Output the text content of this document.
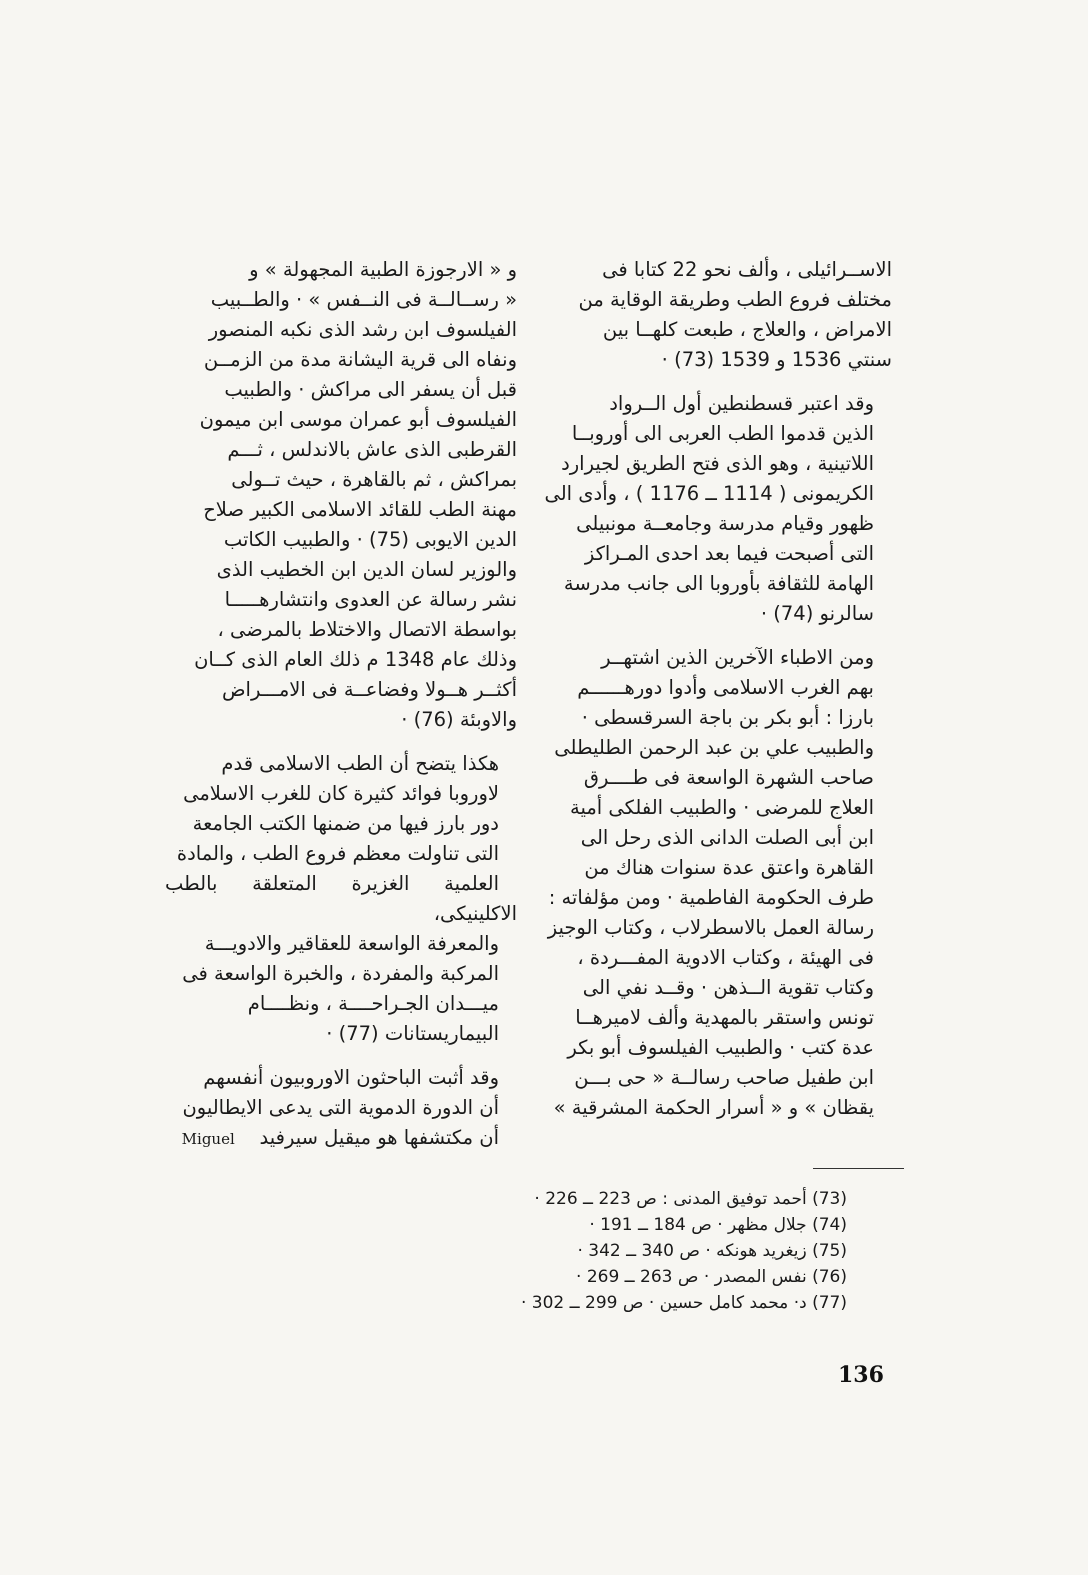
الاســرائيلى ، وألف نحو 22 كتابا فى
مختلف فروع الطب وطريقة الوقاية من
الامراض ، والعلاج ، طبعت كلهــا بين
سنتي 1536 و 1539 (73) ·

وقد اعتبر قسطنطين أول الــرواد
الذين قدموا الطب العربى الى أوروبــا
اللاتينية ، وهو الذى فتح الطريق لجيرارد
الكريمونى ( 1114 ــ 1176 ) ، وأدى الى
ظهور وقيام مدرسة وجامعــة مونبيلى
التى أصبحت فيما بعد احدى المـراكز
الهامة للثقافة بأوروبا الى جانب مدرسة
سالرنو (74) ·

ومن الاطباء الآخرين الذين اشتهــر
بهم الغرب الاسلامى وأدوا دورهــــــم
بارزا : أبو بكر بن باجة السرقسطى ·
والطبيب علي بن عبد الرحمن الطليطلى
صاحب الشهرة الواسعة فى طــــرق
العلاج للمرضى · والطبيب الفلكى أمية
ابن أبى الصلت الدانى الذى رحل الى
القاهرة واعتق عدة سنوات هناك من
طرف الحكومة الفاطمية · ومن مؤلفاته :
رسالة العمل بالاسطرلاب ، وكتاب الوجيز
فى الهيئة ، وكتاب الادوية المفـــردة ،
وكتاب تقوية الــذهن · وقــد نفي الى
تونس واستقر بالمهدية وألف لاميرهــا
عدة كتب · والطبيب الفيلسوف أبو بكر
ابن طفيل صاحب رسالــة « حى بـــن
يقظان » و « أسرار الحكمة المشرقية »

و « الارجوزة الطبية المجهولة » و
« رســالــة فى النــفس » · والطــبيب
الفيلسوف ابن رشد الذى نكبه المنصور
ونفاه الى قرية اليشانة مدة من الزمــن
قبل أن يسفر الى مراكش · والطبيب
الفيلسوف أبو عمران موسى ابن ميمون
القرطبى الذى عاش بالاندلس ، ثـــم
بمراكش ، ثم بالقاهرة ، حيث تــولى
مهنة الطب للقائد الاسلامى الكبير صلاح
الدين الايوبى (75) · والطبيب الكاتب
والوزير لسان الدين ابن الخطيب الذى
نشر رسالة عن العدوى وانتشارهـــــا
بواسطة الاتصال والاختلاط بالمرضى ،
وذلك عام 1348 م ذلك العام الذى كــان
أكثــر هــولا وفضاعــة فى الامـــراض
والاوبئة (76) ·

هكذا يتضح أن الطب الاسلامى قدم
لاوروبا فوائد كثيرة كان للغرب الاسلامى
دور بارز فيها من ضمنها الكتب الجامعة
التى تناولت معظم فروع الطب ، والمادة
العلمية الغزيرة المتعلقة بالطب الاكلينيكى،
والمعرفة الواسعة للعقاقير والادويـــة
المركبة والمفردة ، والخبرة الواسعة فى
ميـــدان الجـراحــــة ، ونظــــام
البيماريستانات (77) ·

وقد أثبت الباحثون الاوروبيون أنفسهم
أن الدورة الدموية التى يدعى الايطاليون
أن مكتشفها هو ميقيل سيرفيد    Miguel

(73) أحمد توفيق المدنى : ص 223 ــ 226 ·
(74) جلال مظهر · ص 184 ــ 191 ·
(75) زيغريد هونكه · ص 340 ــ 342 ·
(76) نفس المصدر · ص 263 ــ 269 ·
(77) د· محمد كامل حسين · ص 299 ــ 302 ·
136
